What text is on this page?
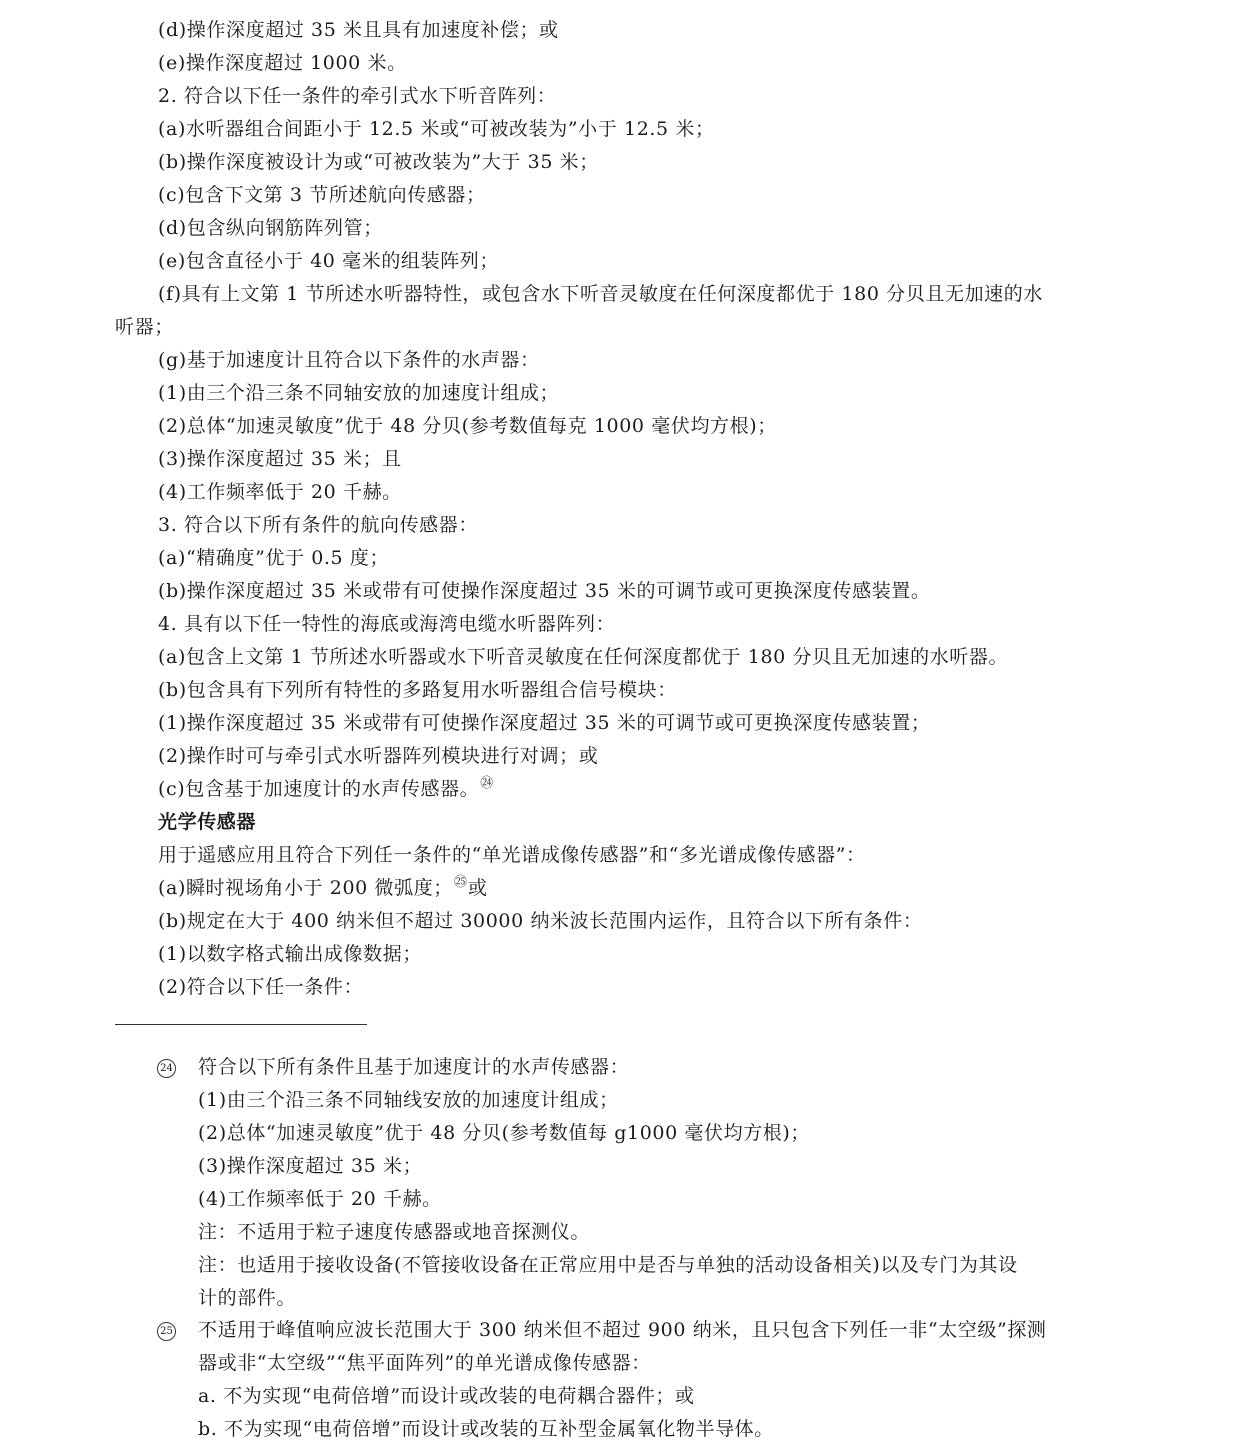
(d)操作深度超过 35 米且具有加速度补偿；或
(e)操作深度超过 1000 米。
2. 符合以下任一条件的牵引式水下听音阵列：
(a)水听器组合间距小于 12.5 米或“可被改装为”小于 12.5 米；
(b)操作深度被设计为或“可被改装为”大于 35 米；
(c)包含下文第 3 节所述航向传感器；
(d)包含纵向钢筋阵列管；
(e)包含直径小于 40 毫米的组装阵列；
(f)具有上文第 1 节所述水听器特性，或包含水下听音灵敏度在任何深度都优于 180 分贝且无加速的水
听器；
(g)基于加速度计且符合以下条件的水声器：
(1)由三个沿三条不同轴安放的加速度计组成；
(2)总体“加速灵敏度”优于 48 分贝(参考数值每克 1000 毫伏均方根)；
(3)操作深度超过 35 米；且
(4)工作频率低于 20 千赫。
3. 符合以下所有条件的航向传感器：
(a)“精确度”优于 0.5 度；
(b)操作深度超过 35 米或带有可使操作深度超过 35 米的可调节或可更换深度传感装置。
4. 具有以下任一特性的海底或海湾电缆水听器阵列：
(a)包含上文第 1 节所述水听器或水下听音灵敏度在任何深度都优于 180 分贝且无加速的水听器。
(b)包含具有下列所有特性的多路复用水听器组合信号模块：
(1)操作深度超过 35 米或带有可使操作深度超过 35 米的可调节或可更换深度传感装置；
(2)操作时可与牵引式水听器阵列模块进行对调；或
(c)包含基于加速度计的水声传感器。$^㉔$
光学传感器
用于遥感应用且符合下列任一条件的“单光谱成像传感器”和“多光谱成像传感器”：
(a)瞬时视场角小于 200 微弧度；$^㉕$或
(b)规定在大于 400 纳米但不超过 30000 纳米波长范围内运作，且符合以下所有条件：
(1)以数字格式输出成像数据；
(2)符合以下任一条件：
24 符合以下所有条件且基于加速度计的水声传感器：
(1)由三个沿三条不同轴线安放的加速度计组成；
(2)总体“加速灵敏度”优于 48 分贝(参考数值每 g1000 毫伏均方根)；
(3)操作深度超过 35 米；
(4)工作频率低于 20 千赫。
注：不适用于粒子速度传感器或地音探测仪。
注：也适用于接收设备(不管接收设备在正常应用中是否与单独的活动设备相关)以及专门为其设
计的部件。
25 不适用于峰值响应波长范围大于 300 纳米但不超过 900 纳米，且只包含下列任一非“太空级”探测
器或非“太空级”“焦平面阵列”的单光谱成像传感器：
a. 不为实现“电荷倍增”而设计或改装的电荷耦合器件；或
b. 不为实现“电荷倍增”而设计或改装的互补型金属氧化物半导体。
